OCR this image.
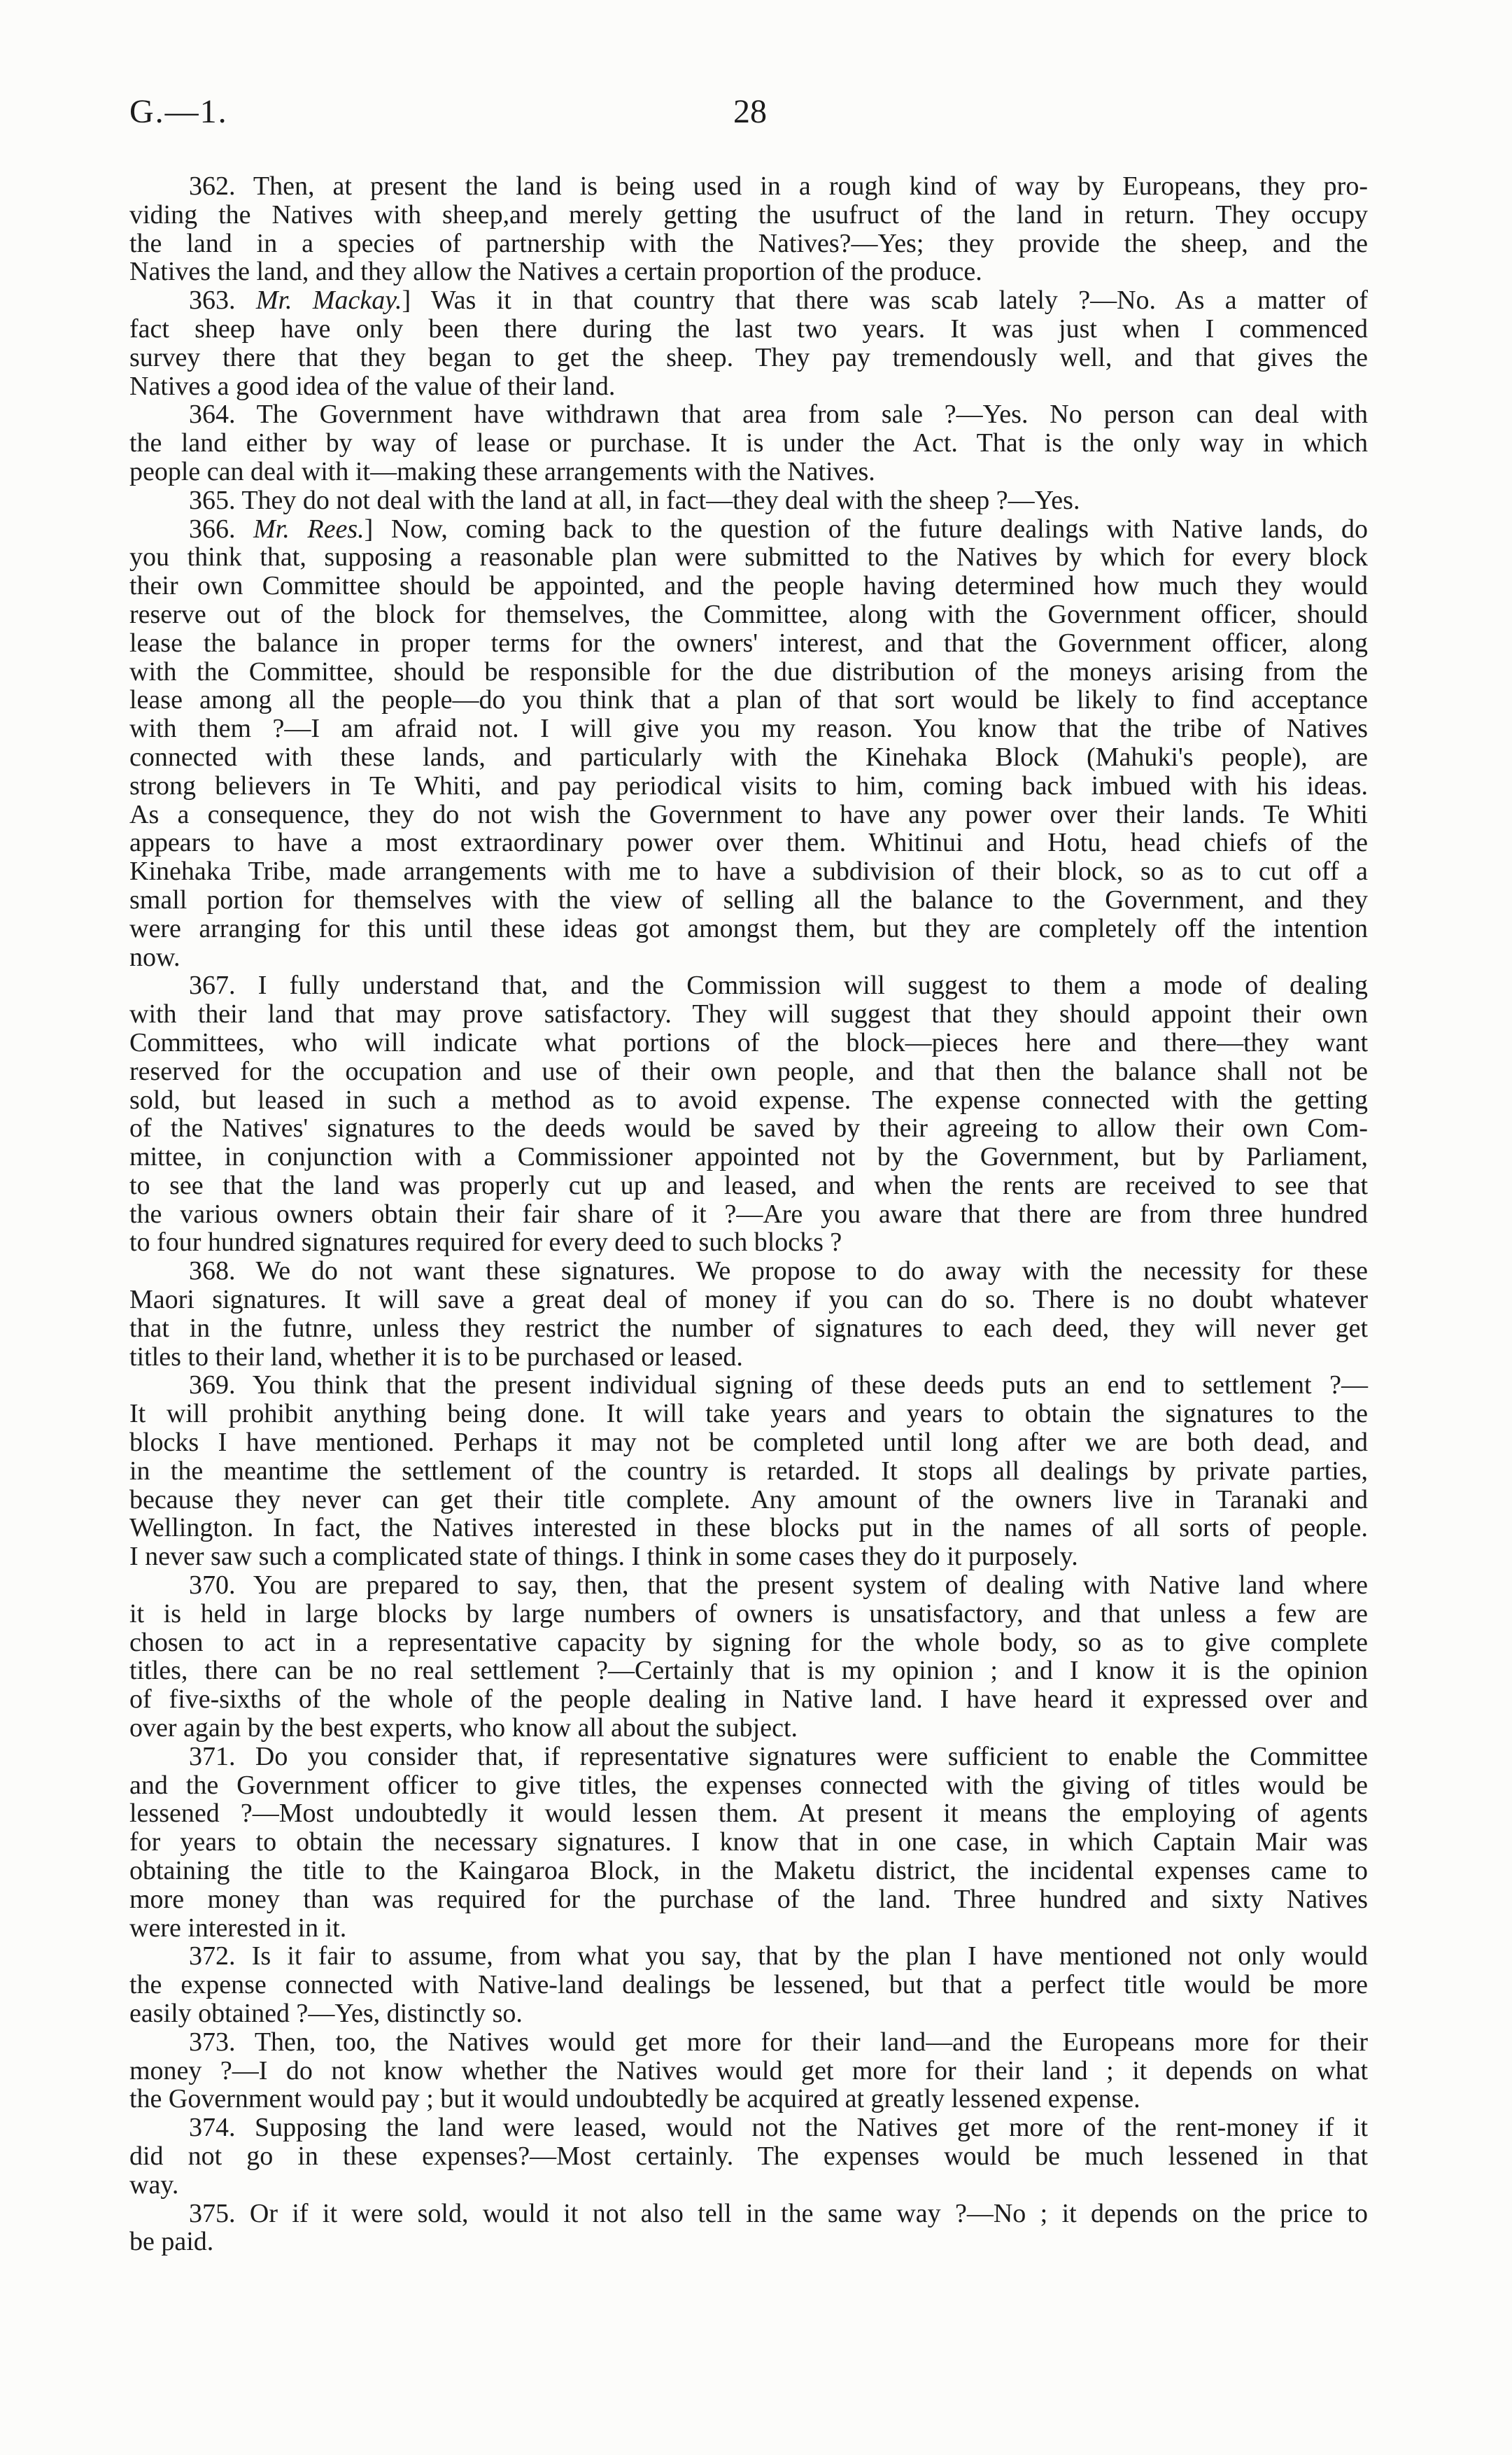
G.—1.	28
362. Then, at present the land is being used in a rough kind of way by Europeans, they pro-
viding the Natives with sheep,and merely getting the usufruct of the land in return. They occupy
the land in a species of partnership with the Natives?—Yes; they provide the sheep, and the
Natives the land, and they allow the Natives a certain proportion of the produce.
363. Mr. Mackay.] Was it in that country that there was scab lately ?—No. As a matter of
fact sheep have only been there during the last two years. It was just when I commenced
survey there that they began to get the sheep. They pay tremendously well, and that gives the
Natives a good idea of the value of their land.
364. The Government have withdrawn that area from sale ?—Yes. No person can deal with
the land either by way of lease or purchase. It is under the Act. That is the only way in which
people can deal with it—making these arrangements with the Natives.
365. They do not deal with the land at all, in fact—they deal with the sheep ?—Yes.
366. Mr. Rees.] Now, coming back to the question of the future dealings with Native lands, do
you think that, supposing a reasonable plan were submitted to the Natives by which for every block
their own Committee should be appointed, and the people having determined how much they would
reserve out of the block for themselves, the Committee, along with the Government officer, should
lease the balance in proper terms for the owners' interest, and that the Government officer, along
with the Committee, should be responsible for the due distribution of the moneys arising from the
lease among all the people—do you think that a plan of that sort would be likely to find acceptance
with them ?—I am afraid not. I will give you my reason. You know that the tribe of Natives
connected with these lands, and particularly with the Kinehaka Block (Mahuki's people), are
strong believers in Te Whiti, and pay periodical visits to him, coming back imbued with his ideas.
As a consequence, they do not wish the Government to have any power over their lands. Te Whiti
appears to have a most extraordinary power over them. Whitinui and Hotu, head chiefs of the
Kinehaka Tribe, made arrangements with me to have a subdivision of their block, so as to cut off a
small portion for themselves with the view of selling all the balance to the Government, and they
were arranging for this until these ideas got amongst them, but they are completely off the intention
now.
367. I fully understand that, and the Commission will suggest to them a mode of dealing
with their land that may prove satisfactory. They will suggest that they should appoint their own
Committees, who will indicate what portions of the block—pieces here and there—they want
reserved for the occupation and use of their own people, and that then the balance shall not be
sold, but leased in such a method as to avoid expense. The expense connected with the getting
of the Natives' signatures to the deeds would be saved by their agreeing to allow their own Com-
mittee, in conjunction with a Commissioner appointed not by the Government, but by Parliament,
to see that the land was properly cut up and leased, and when the rents are received to see that
the various owners obtain their fair share of it ?—Are you aware that there are from three hundred
to four hundred signatures required for every deed to such blocks ?
368. We do not want these signatures. We propose to do away with the necessity for these
Maori signatures. It will save a great deal of money if you can do so. There is no doubt whatever
that in the futnre, unless they restrict the number of signatures to each deed, they will never get
titles to their land, whether it is to be purchased or leased.
369. You think that the present individual signing of these deeds puts an end to settlement ?—
It will prohibit anything being done. It will take years and years to obtain the signatures to the
blocks I have mentioned. Perhaps it may not be completed until long after we are both dead, and
in the meantime the settlement of the country is retarded. It stops all dealings by private parties,
because they never can get their title complete. Any amount of the owners live in Taranaki and
Wellington. In fact, the Natives interested in these blocks put in the names of all sorts of people.
I never saw such a complicated state of things. I think in some cases they do it purposely.
370. You are prepared to say, then, that the present system of dealing with Native land where
it is held in large blocks by large numbers of owners is unsatisfactory, and that unless a few are
chosen to act in a representative capacity by signing for the whole body, so as to give complete
titles, there can be no real settlement ?—Certainly that is my opinion ; and I know it is the opinion
of five-sixths of the whole of the people dealing in Native land. I have heard it expressed over and
over again by the best experts, who know all about the subject.
371. Do you consider that, if representative signatures were sufficient to enable the Committee
and the Government officer to give titles, the expenses connected with the giving of titles would be
lessened ?—Most undoubtedly it would lessen them. At present it means the employing of agents
for years to obtain the necessary signatures. I know that in one case, in which Captain Mair was
obtaining the title to the Kaingaroa Block, in the Maketu district, the incidental expenses came to
more money than was required for the purchase of the land. Three hundred and sixty Natives
were interested in it.
372. Is it fair to assume, from what you say, that by the plan I have mentioned not only would
the expense connected with Native-land dealings be lessened, but that a perfect title would be more
easily obtained ?—Yes, distinctly so.
373. Then, too, the Natives would get more for their land—and the Europeans more for their
money ?—I do not know whether the Natives would get more for their land ; it depends on what
the Government would pay ; but it would undoubtedly be acquired at greatly lessened expense.
374. Supposing the land were leased, would not the Natives get more of the rent-money if it
did not go in these expenses?—Most certainly. The expenses would be much lessened in that
way.
375. Or if it were sold, would it not also tell in the same way ?—No ; it depends on the price to
be paid.
